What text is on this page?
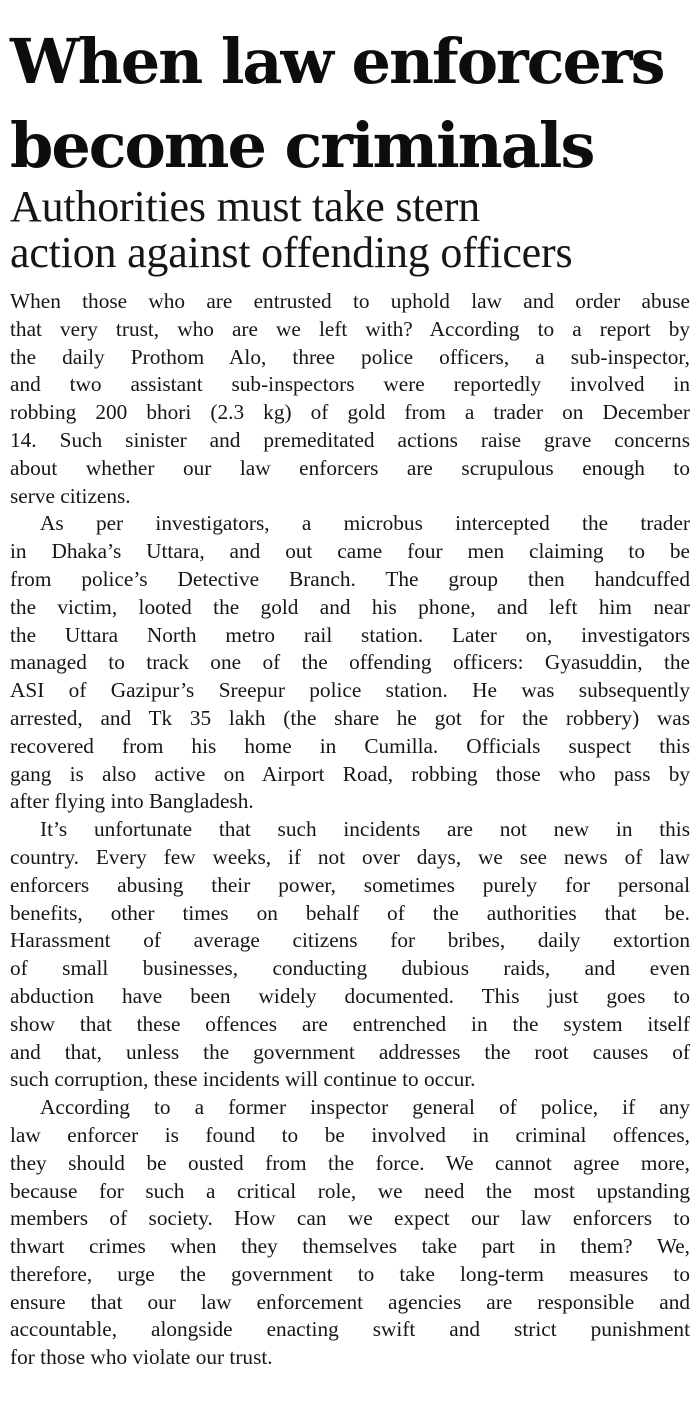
When law enforcers
become criminals
Authorities must take stern
action against offending officers

When those who are entrusted to uphold law and order abuse
that very trust, who are we left with? According to a report by
the daily Prothom Alo, three police officers, a sub-inspector,
and two assistant sub-inspectors were reportedly involved in
robbing 200 bhori (2.3 kg) of gold from a trader on December
14. Such sinister and premeditated actions raise grave concerns
about whether our law enforcers are scrupulous enough to
serve citizens.

As per investigators, a microbus intercepted the trader
in Dhaka’s Uttara, and out came four men claiming to be
from police’s Detective Branch. The group then handcuffed
the victim, looted the gold and his phone, and left him near
the Uttara North metro rail station. Later on, investigators
managed to track one of the offending officers: Gyasuddin, the
ASI of Gazipur’s Sreepur police station. He was subsequently
arrested, and Tk 35 lakh (the share he got for the robbery) was
recovered from his home in Cumilla. Officials suspect this
gang is also active on Airport Road, robbing those who pass by
after flying into Bangladesh.

It’s unfortunate that such incidents are not new in this
country. Every few weeks, if not over days, we see news of law
enforcers abusing their power, sometimes purely for personal
benefits, other times on behalf of the authorities that be.
Harassment of average citizens for bribes, daily extortion
of small businesses, conducting dubious raids, and even
abduction have been widely documented. This just goes to
show that these offences are entrenched in the system itself
and that, unless the government addresses the root causes of
such corruption, these incidents will continue to occur.

According to a former inspector general of police, if any
law enforcer is found to be involved in criminal offences,
they should be ousted from the force. We cannot agree more,
because for such a critical role, we need the most upstanding
members of society. How can we expect our law enforcers to
thwart crimes when they themselves take part in them? We,
therefore, urge the government to take long-term measures to
ensure that our law enforcement agencies are responsible and
accountable, alongside enacting swift and strict punishment
for those who violate our trust.
